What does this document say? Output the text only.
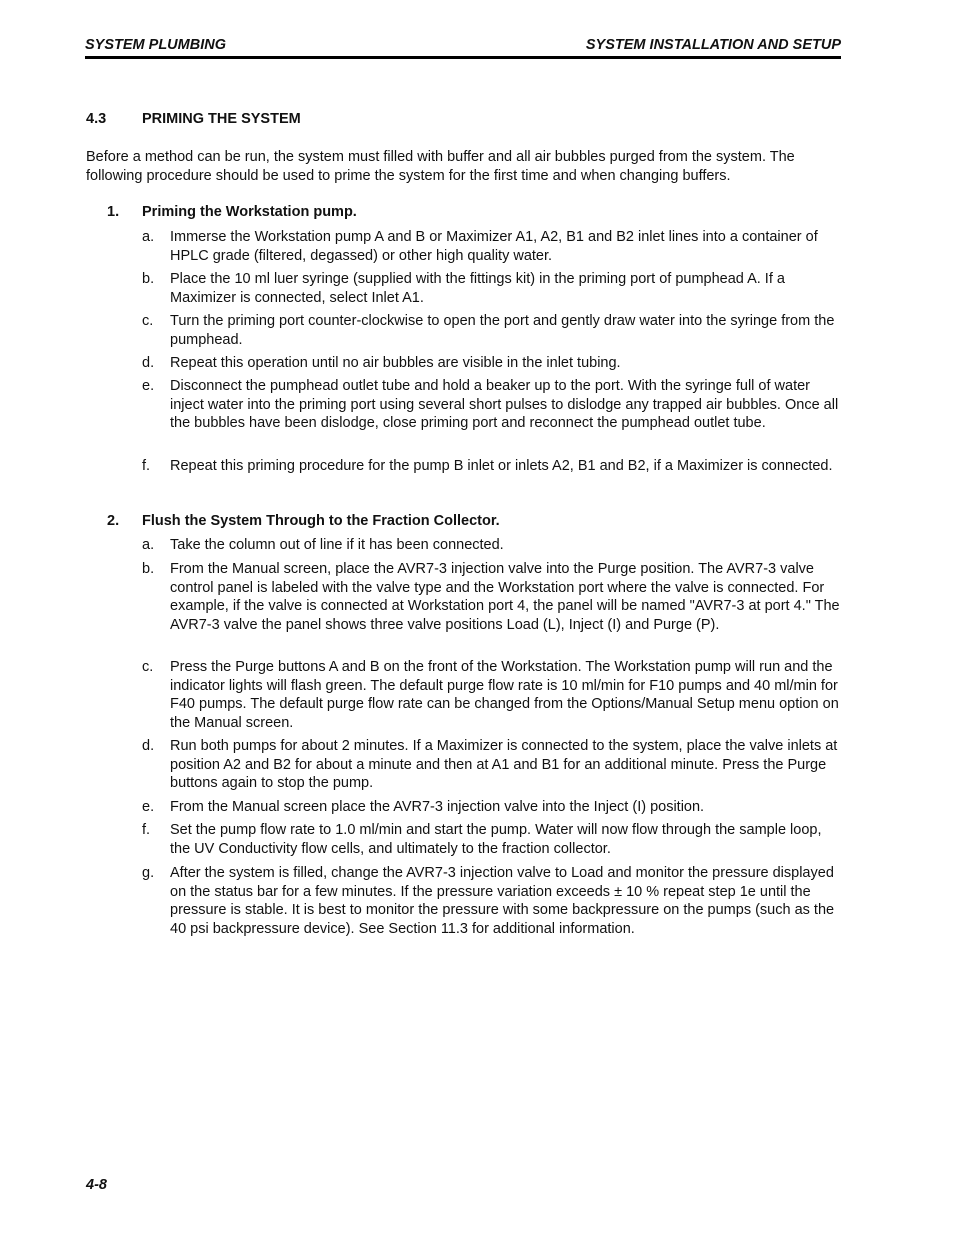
SYSTEM PLUMBING	SYSTEM INSTALLATION AND SETUP
4.3 PRIMING THE SYSTEM
Before a method can be run, the system must filled with buffer and all air bubbles purged from the system. The following procedure should be used to prime the system for the first time and when changing buffers.
1. Priming the Workstation pump.
a. Immerse the Workstation pump A and B or Maximizer A1, A2, B1 and B2 inlet lines into a container of HPLC grade (filtered, degassed) or other high quality water.
b. Place the 10 ml luer syringe (supplied with the fittings kit) in the priming port of pumphead A. If a Maximizer is connected, select Inlet A1.
c. Turn the priming port counter-clockwise to open the port and gently draw water into the syringe from the pumphead.
d. Repeat this operation until no air bubbles are visible in the inlet tubing.
e. Disconnect the pumphead outlet tube and hold a beaker up to the port. With the syringe full of water inject water into the priming port using several short pulses to dislodge any trapped air bubbles. Once all the bubbles have been dislodge, close priming port and reconnect the pumphead outlet tube.
f. Repeat this priming procedure for the pump B inlet or inlets A2, B1 and B2, if a Maximizer is connected.
2. Flush the System Through to the Fraction Collector.
a. Take the column out of line if it has been connected.
b. From the Manual screen, place the AVR7-3 injection valve into the Purge position. The AVR7-3 valve control panel is labeled with the valve type and the Workstation port where the valve is connected. For example, if the valve is connected at Workstation port 4, the panel will be named "AVR7-3 at port 4." The AVR7-3 valve the panel shows three valve positions Load (L), Inject (I) and Purge (P).
c. Press the Purge buttons A and B on the front of the Workstation. The Workstation pump will run and the indicator lights will flash green. The default purge flow rate is 10 ml/min for F10 pumps and 40 ml/min for F40 pumps. The default purge flow rate can be changed from the Options/Manual Setup menu option on the Manual screen.
d. Run both pumps for about 2 minutes. If a Maximizer is connected to the system, place the valve inlets at position A2 and B2 for about a minute and then at A1 and B1 for an additional minute. Press the Purge buttons again to stop the pump.
e. From the Manual screen place the AVR7-3 injection valve into the Inject (I) position.
f. Set the pump flow rate to 1.0 ml/min and start the pump. Water will now flow through the sample loop, the UV Conductivity flow cells, and ultimately to the fraction collector.
g. After the system is filled, change the AVR7-3 injection valve to Load and monitor the pressure displayed on the status bar for a few minutes. If the pressure variation exceeds ± 10 % repeat step 1e until the pressure is stable. It is best to monitor the pressure with some backpressure on the pumps (such as the 40 psi backpressure device). See Section 11.3 for additional information.
4-8
